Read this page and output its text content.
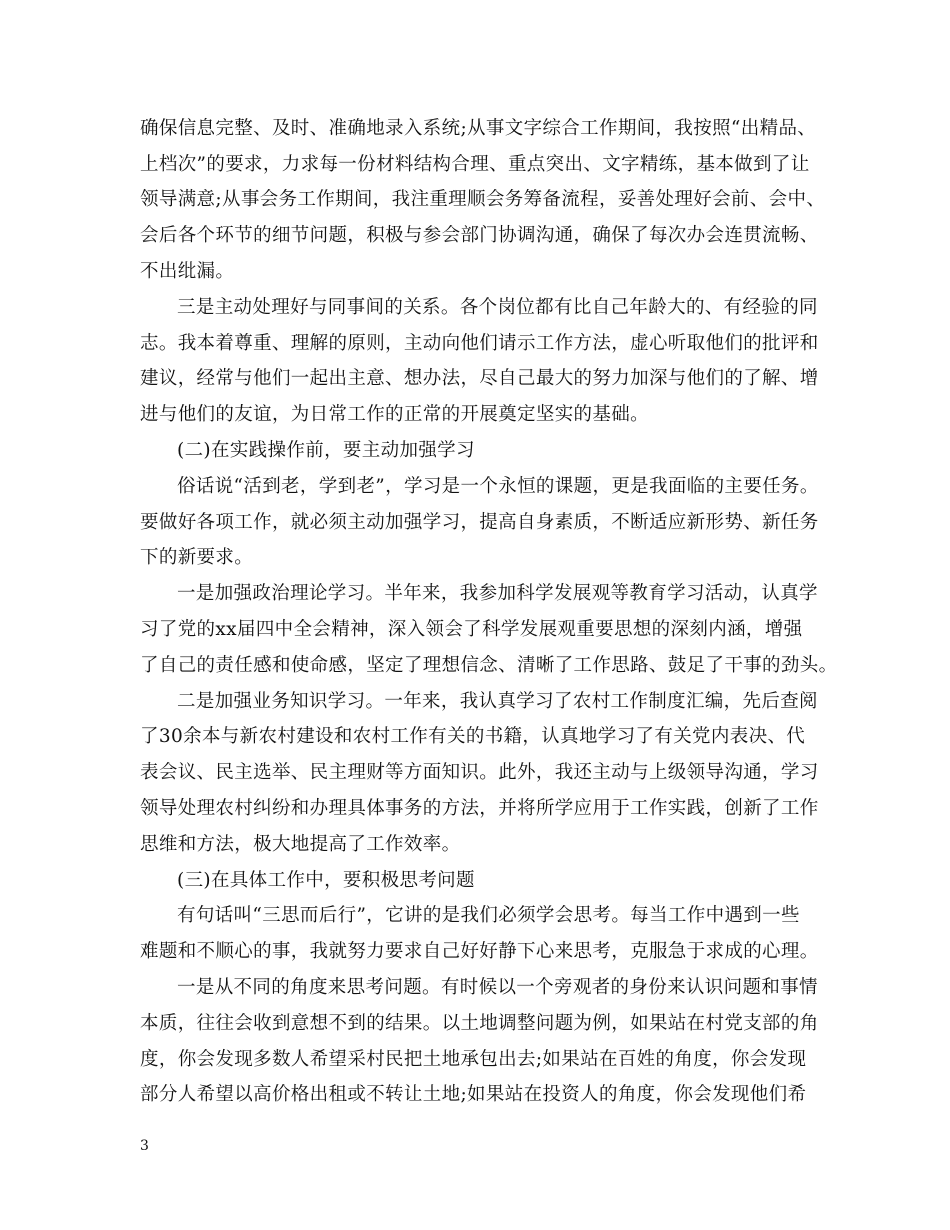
确保信息完整、及时、准确地录入系统;从事文字综合工作期间，我按照“出精品、
上档次”的要求，力求每一份材料结构合理、重点突出、文字精练，基本做到了让
领导满意;从事会务工作期间，我注重理顺会务筹备流程，妥善处理好会前、会中、
会后各个环节的细节问题，积极与参会部门协调沟通，确保了每次办会连贯流畅、
不出纰漏。
三是主动处理好与同事间的关系。各个岗位都有比自己年龄大的、有经验的同
志。我本着尊重、理解的原则，主动向他们请示工作方法，虚心听取他们的批评和
建议，经常与他们一起出主意、想办法，尽自己最大的努力加深与他们的了解、增
进与他们的友谊，为日常工作的正常的开展奠定坚实的基础。
(二)在实践操作前，要主动加强学习
俗话说“活到老，学到老”，学习是一个永恒的课题，更是我面临的主要任务。
要做好各项工作，就必须主动加强学习，提高自身素质，不断适应新形势、新任务
下的新要求。
一是加强政治理论学习。半年来，我参加科学发展观等教育学习活动，认真学
习了党的xx届四中全会精神，深入领会了科学发展观重要思想的深刻内涵，增强
了自己的责任感和使命感，坚定了理想信念、清晰了工作思路、鼓足了干事的劲头。
二是加强业务知识学习。一年来，我认真学习了农村工作制度汇编，先后查阅
了30余本与新农村建设和农村工作有关的书籍，认真地学习了有关党内表决、代
表会议、民主选举、民主理财等方面知识。此外，我还主动与上级领导沟通，学习
领导处理农村纠纷和办理具体事务的方法，并将所学应用于工作实践，创新了工作
思维和方法，极大地提高了工作效率。
(三)在具体工作中，要积极思考问题
有句话叫“三思而后行”，它讲的是我们必须学会思考。每当工作中遇到一些
难题和不顺心的事，我就努力要求自己好好静下心来思考，克服急于求成的心理。
一是从不同的角度来思考问题。有时候以一个旁观者的身份来认识问题和事情
本质，往往会收到意想不到的结果。以土地调整问题为例，如果站在村党支部的角
度，你会发现多数人希望采村民把土地承包出去;如果站在百姓的角度，你会发现
部分人希望以高价格出租或不转让土地;如果站在投资人的角度，你会发现他们希
3
